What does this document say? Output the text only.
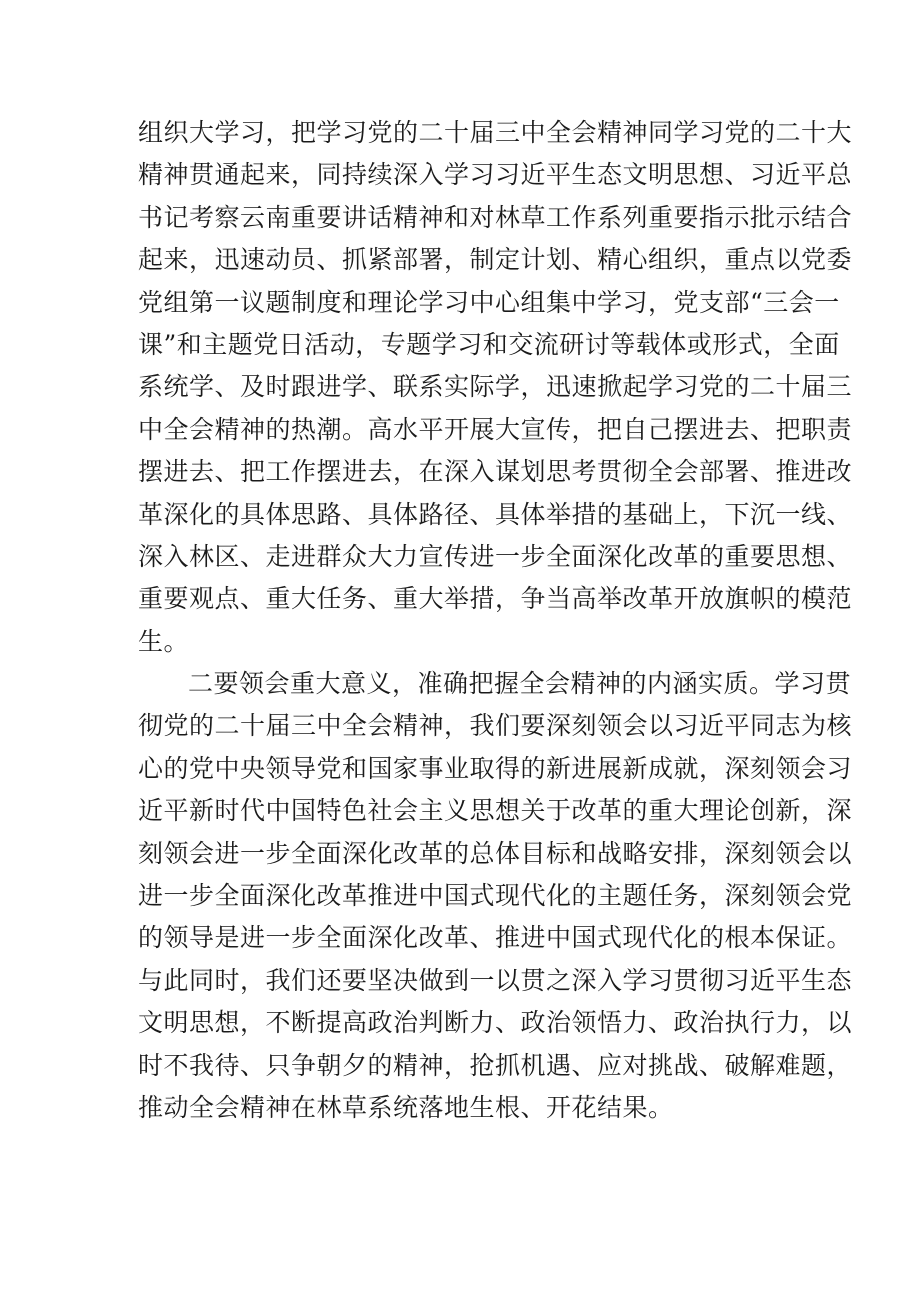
组织大学习，把学习党的二十届三中全会精神同学习党的二十大
精神贯通起来，同持续深入学习习近平生态文明思想、习近平总
书记考察云南重要讲话精神和对林草工作系列重要指示批示结合
起来，迅速动员、抓紧部署，制定计划、精心组织，重点以党委
党组第一议题制度和理论学习中心组集中学习，党支部“三会一
课”和主题党日活动，专题学习和交流研讨等载体或形式，全面
系统学、及时跟进学、联系实际学，迅速掀起学习党的二十届三
中全会精神的热潮。高水平开展大宣传，把自己摆进去、把职责
摆进去、把工作摆进去，在深入谋划思考贯彻全会部署、推进改
革深化的具体思路、具体路径、具体举措的基础上，下沉一线、
深入林区、走进群众大力宣传进一步全面深化改革的重要思想、
重要观点、重大任务、重大举措，争当高举改革开放旗帜的模范
生。
二要领会重大意义，准确把握全会精神的内涵实质。学习贯
彻党的二十届三中全会精神，我们要深刻领会以习近平同志为核
心的党中央领导党和国家事业取得的新进展新成就，深刻领会习
近平新时代中国特色社会主义思想关于改革的重大理论创新，深
刻领会进一步全面深化改革的总体目标和战略安排，深刻领会以
进一步全面深化改革推进中国式现代化的主题任务，深刻领会党
的领导是进一步全面深化改革、推进中国式现代化的根本保证。
与此同时，我们还要坚决做到一以贯之深入学习贯彻习近平生态
文明思想，不断提高政治判断力、政治领悟力、政治执行力，以
时不我待、只争朝夕的精神，抢抓机遇、应对挑战、破解难题，
推动全会精神在林草系统落地生根、开花结果。
